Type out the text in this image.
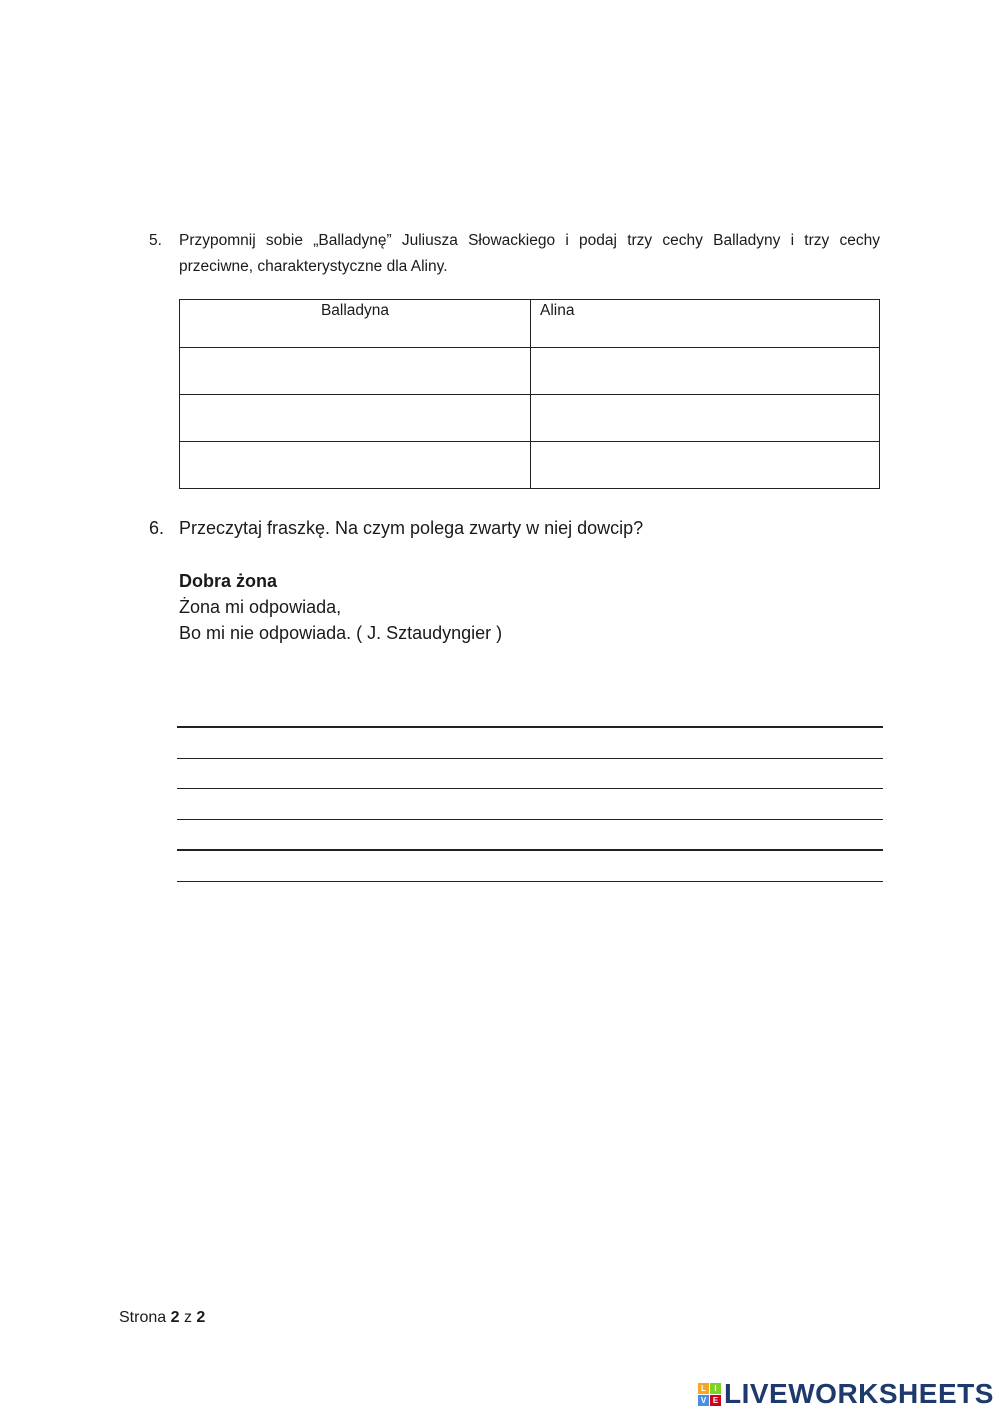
5. Przypomnij sobie „Balladynę” Juliusza Słowackiego i podaj trzy cechy Balladyny i trzy cechy przeciwne, charakterystyczne dla Aliny.
Balladyna	Alina

6. Przeczytaj fraszkę. Na czym polega zwarty w niej dowcip?
Dobra żona
Żona mi odpowiada,
Bo mi nie odpowiada. ( J. Sztaudyngier )
Strona 2 z 2
L	I
V E LIVEWORKSHEETS
